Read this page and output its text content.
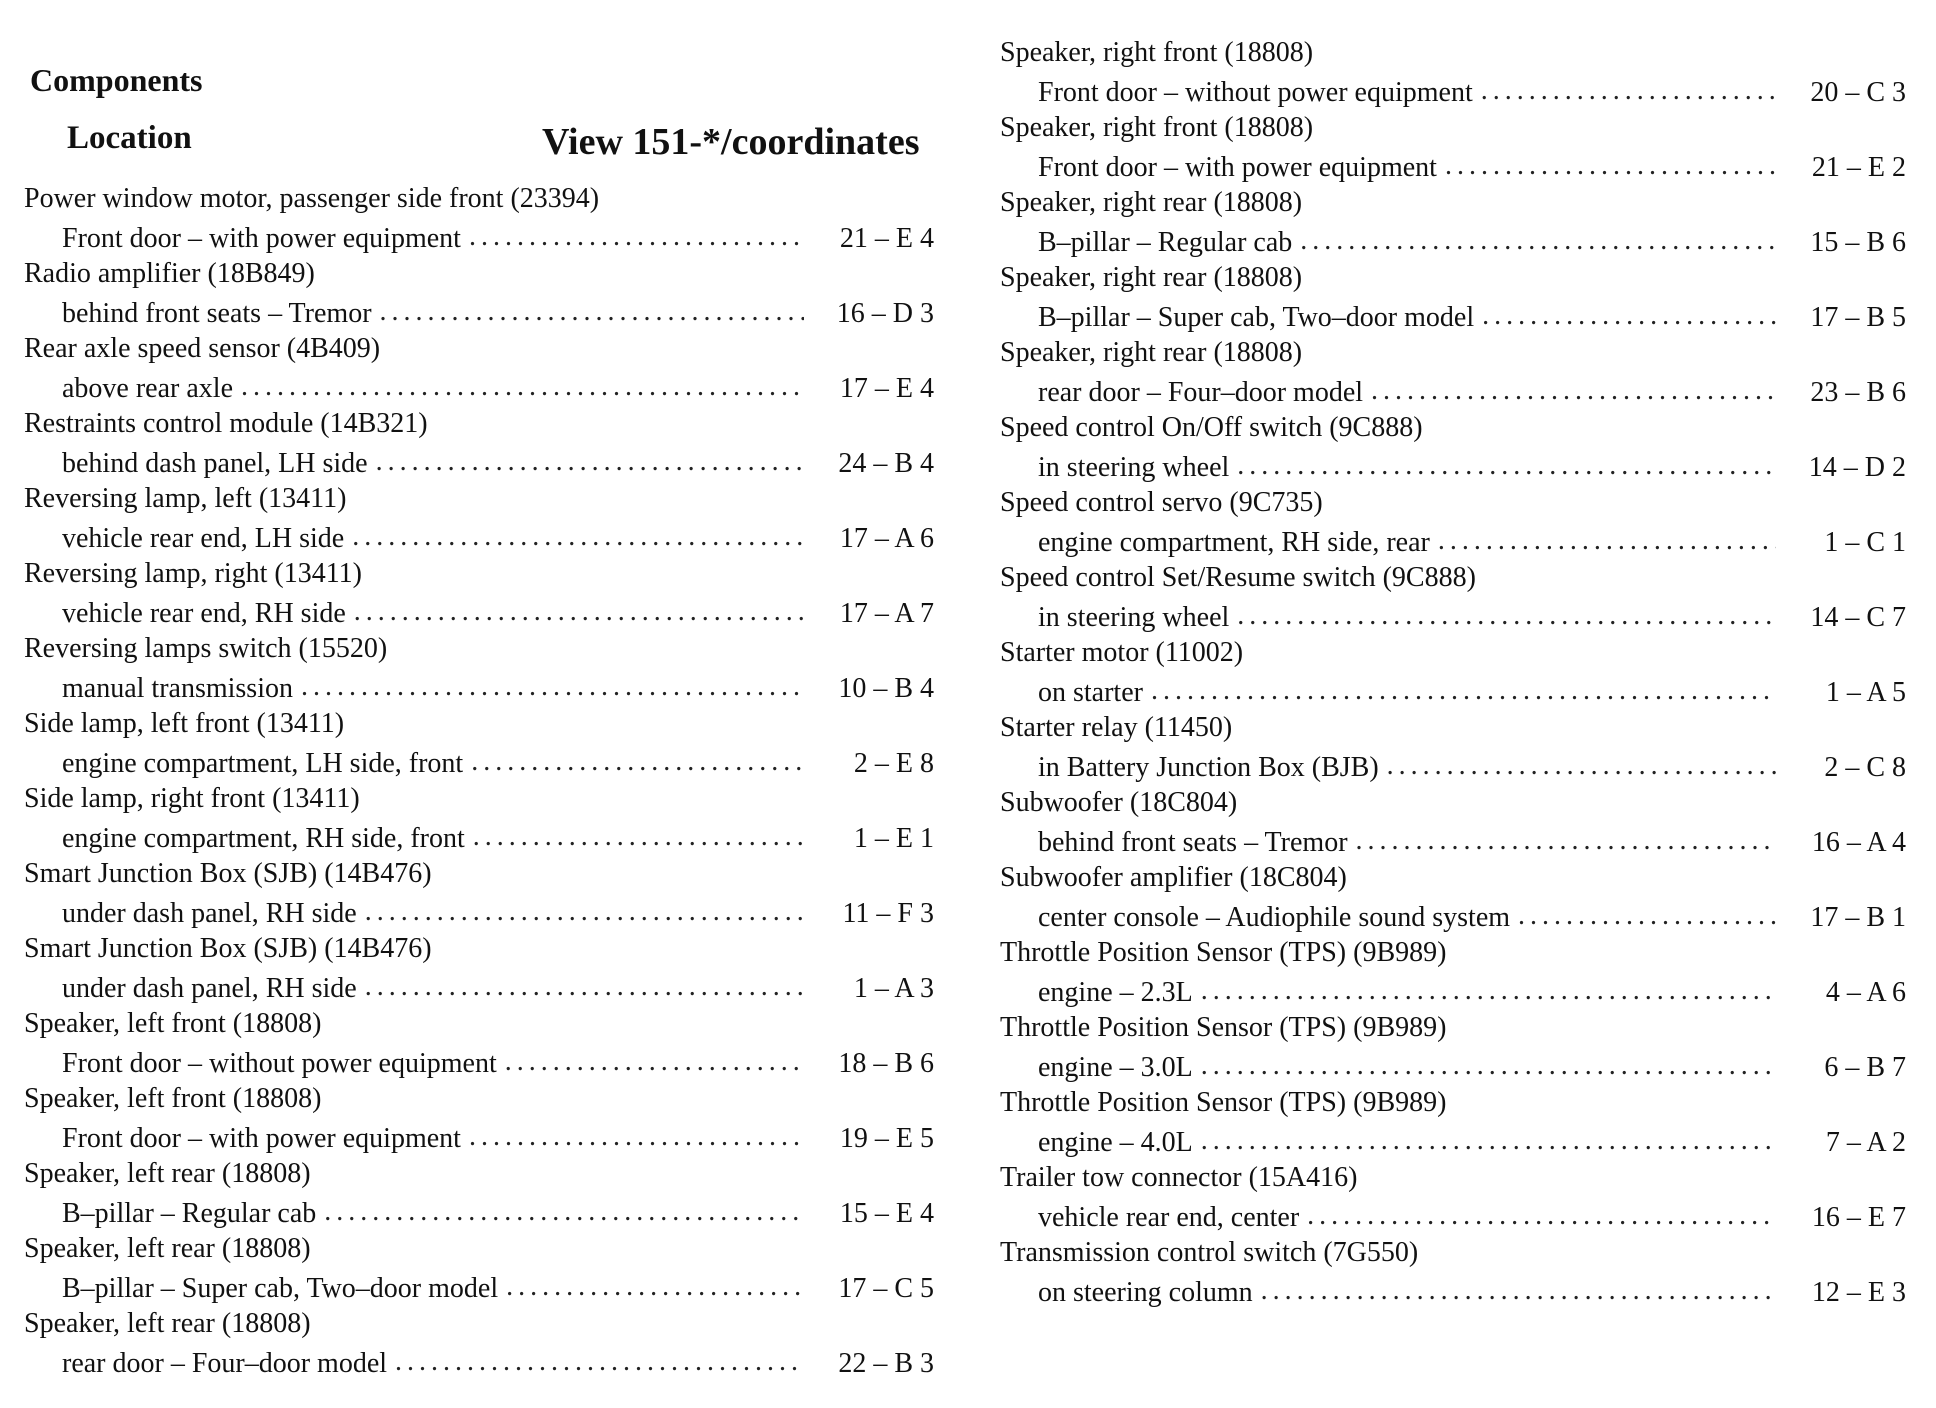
Components
Location	View 151-*/coordinates
Power window motor, passenger side front (23394)
Front door – with power equipment .....	21 – E 4
Radio amplifier (18B849)
behind front seats – Tremor .....	16 – D 3
Rear axle speed sensor (4B409)
above rear axle .....	17 – E 4
Restraints control module (14B321)
behind dash panel, LH side .....	24 – B 4
Reversing lamp, left (13411)
vehicle rear end, LH side .....	17 – A 6
Reversing lamp, right (13411)
vehicle rear end, RH side .....	17 – A 7
Reversing lamps switch (15520)
manual transmission .....	10 – B 4
Side lamp, left front (13411)
engine compartment, LH side, front .....	2 – E 8
Side lamp, right front (13411)
engine compartment, RH side, front .....	1 – E 1
Smart Junction Box (SJB) (14B476)
under dash panel, RH side .....	11 – F 3
Smart Junction Box (SJB) (14B476)
under dash panel, RH side .....	1 – A 3
Speaker, left front (18808)
Front door – without power equipment .....	18 – B 6
Speaker, left front (18808)
Front door – with power equipment .....	19 – E 5
Speaker, left rear (18808)
B–pillar – Regular cab .....	15 – E 4
Speaker, left rear (18808)
B–pillar – Super cab, Two–door model .....	17 – C 5
Speaker, left rear (18808)
rear door – Four–door model .....	22 – B 3
Speaker, right front (18808)
Front door – without power equipment .....	20 – C 3
Speaker, right front (18808)
Front door – with power equipment .....	21 – E 2
Speaker, right rear (18808)
B–pillar – Regular cab .....	15 – B 6
Speaker, right rear (18808)
B–pillar – Super cab, Two–door model .....	17 – B 5
Speaker, right rear (18808)
rear door – Four–door model .....	23 – B 6
Speed control On/Off switch (9C888)
in steering wheel .....	14 – D 2
Speed control servo (9C735)
engine compartment, RH side, rear .....	1 – C 1
Speed control Set/Resume switch (9C888)
in steering wheel .....	14 – C 7
Starter motor (11002)
on starter .....	1 – A 5
Starter relay (11450)
in Battery Junction Box (BJB) .....	2 – C 8
Subwoofer (18C804)
behind front seats – Tremor .....	16 – A 4
Subwoofer amplifier (18C804)
center console – Audiophile sound system .....	17 – B 1
Throttle Position Sensor (TPS) (9B989)
engine – 2.3L .....	4 – A 6
Throttle Position Sensor (TPS) (9B989)
engine – 3.0L .....	6 – B 7
Throttle Position Sensor (TPS) (9B989)
engine – 4.0L .....	7 – A 2
Trailer tow connector (15A416)
vehicle rear end, center .....	16 – E 7
Transmission control switch (7G550)
on steering column .....	12 – E 3
